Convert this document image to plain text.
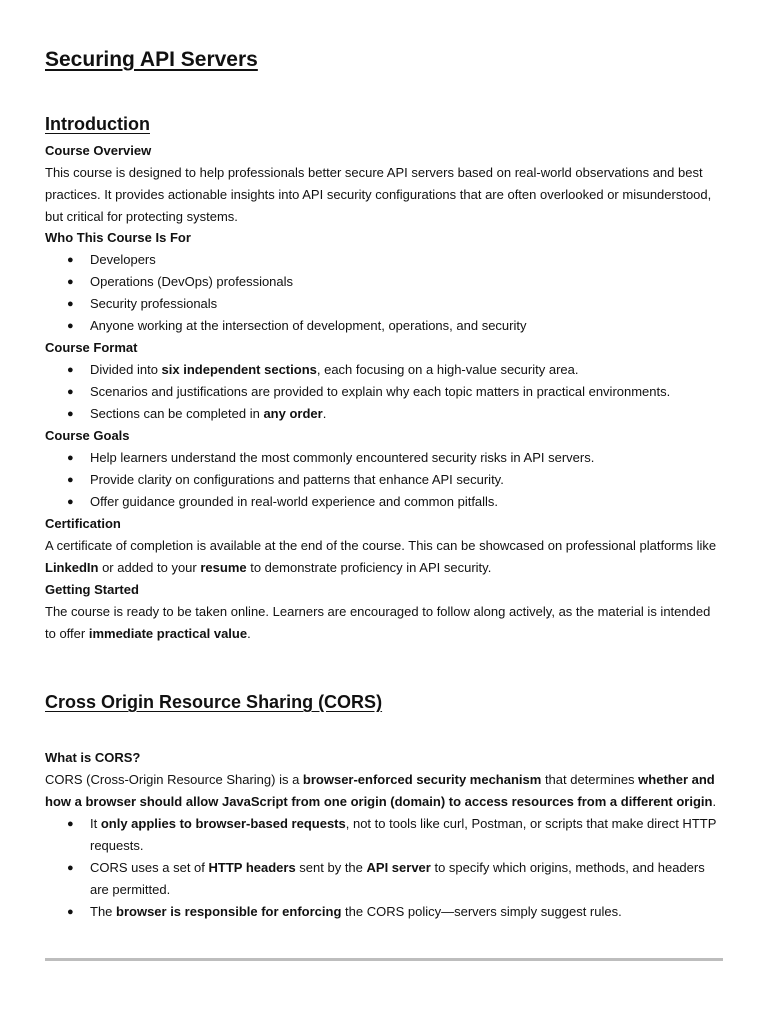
Securing API Servers
Introduction
Course Overview

This course is designed to help professionals better secure API servers based on real-world observations and best practices. It provides actionable insights into API security configurations that are often overlooked or misunderstood, but critical for protecting systems.

Who This Course Is For
● Developers
● Operations (DevOps) professionals
● Security professionals
● Anyone working at the intersection of development, operations, and security
Course Format
● Divided into six independent sections, each focusing on a high-value security area.
● Scenarios and justifications are provided to explain why each topic matters in practical environments.
● Sections can be completed in any order.
Course Goals
● Help learners understand the most commonly encountered security risks in API servers.
● Provide clarity on configurations and patterns that enhance API security.
● Offer guidance grounded in real-world experience and common pitfalls.
Certification

A certificate of completion is available at the end of the course. This can be showcased on professional platforms like LinkedIn or added to your resume to demonstrate proficiency in API security.

Getting Started

The course is ready to be taken online. Learners are encouraged to follow along actively, as the material is intended to offer immediate practical value.

Cross Origin Resource Sharing (CORS)
What is CORS?

CORS (Cross-Origin Resource Sharing) is a browser-enforced security mechanism that determines whether and how a browser should allow JavaScript from one origin (domain) to access resources from a different origin.

● It only applies to browser-based requests, not to tools like curl, Postman, or scripts that make direct HTTP requests.
● CORS uses a set of HTTP headers sent by the API server to specify which origins, methods, and headers are permitted.
● The browser is responsible for enforcing the CORS policy—servers simply suggest rules.
